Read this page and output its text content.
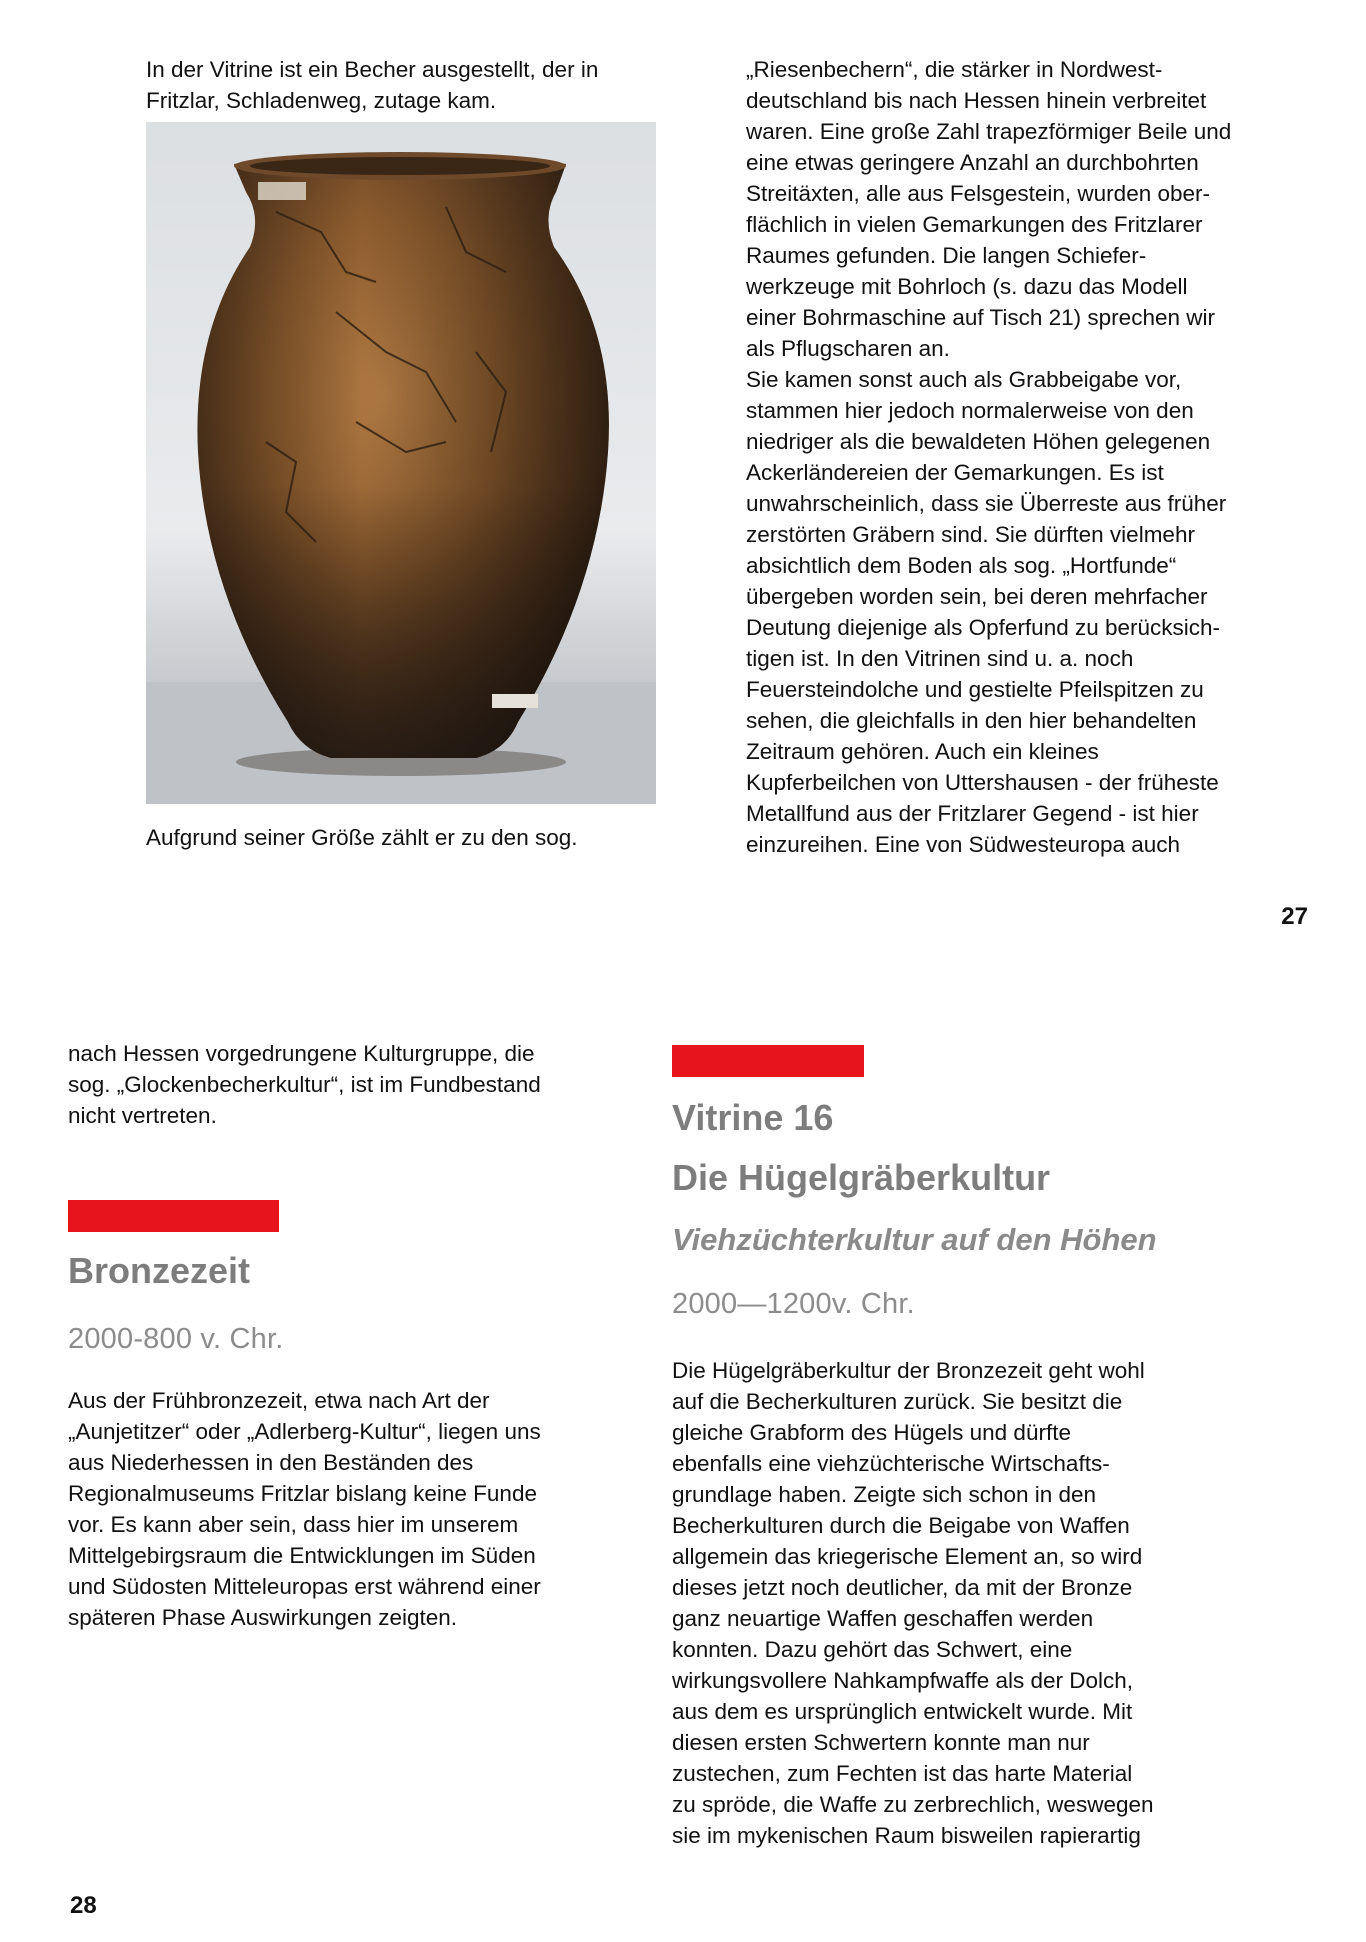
In der Vitrine ist ein Becher ausgestellt, der in
Fritzlar, Schladenweg, zutage kam.

Aufgrund seiner Größe zählt er zu den sog.

„Riesenbechern“, die stärker in Nordwest-
deutschland bis nach Hessen hinein verbreitet
waren. Eine große Zahl trapezförmiger Beile und
eine etwas geringere Anzahl an durchbohrten
Streitäxten, alle aus Felsgestein, wurden ober-
flächlich in vielen Gemarkungen des Fritzlarer
Raumes gefunden. Die langen Schiefer-
werkzeuge mit Bohrloch (s. dazu das Modell
einer Bohrmaschine auf Tisch 21) sprechen wir
als Pflugscharen an.
Sie kamen sonst auch als Grabbeigabe vor,
stammen hier jedoch normalerweise von den
niedriger als die bewaldeten Höhen gelegenen
Ackerländereien der Gemarkungen. Es ist
unwahrscheinlich, dass sie Überreste aus früher
zerstörten Gräbern sind. Sie dürften vielmehr
absichtlich dem Boden als sog. „Hortfunde“
übergeben worden sein, bei deren mehrfacher
Deutung diejenige als Opferfund zu berücksich-
tigen ist. In den Vitrinen sind u. a. noch
Feuersteindolche und gestielte Pfeilspitzen zu
sehen, die gleichfalls in den hier behandelten
Zeitraum gehören. Auch ein kleines
Kupferbeilchen von Uttershausen - der früheste
Metallfund aus der Fritzlarer Gegend - ist hier
einzureihen. Eine von Südwesteuropa auch
27
nach Hessen vorgedrungene Kulturgruppe, die
sog. „Glockenbecherkultur“, ist im Fundbestand
nicht vertreten.
Bronzezeit

2000-800 v. Chr.

Aus der Frühbronzezeit, etwa nach Art der
„Aunjetitzer“ oder „Adlerberg-Kultur“, liegen uns
aus Niederhessen in den Beständen des
Regionalmuseums Fritzlar bislang keine Funde
vor. Es kann aber sein, dass hier im unserem
Mittelgebirgsraum die Entwicklungen im Süden
und Südosten Mitteleuropas erst während einer
späteren Phase Auswirkungen zeigten.
Vitrine 16
Die Hügelgräberkultur

Viehzüchterkultur auf den Höhen

2000—1200v. Chr.

Die Hügelgräberkultur der Bronzezeit geht wohl
auf die Becherkulturen zurück. Sie besitzt die
gleiche Grabform des Hügels und dürfte
ebenfalls eine viehzüchterische Wirtschafts-
grundlage haben. Zeigte sich schon in den
Becherkulturen durch die Beigabe von Waffen
allgemein das kriegerische Element an, so wird
dieses jetzt noch deutlicher, da mit der Bronze
ganz neuartige Waffen geschaffen werden
konnten. Dazu gehört das Schwert, eine
wirkungsvollere Nahkampfwaffe als der Dolch,
aus dem es ursprünglich entwickelt wurde. Mit
diesen ersten Schwertern konnte man nur
zustechen, zum Fechten ist das harte Material
zu spröde, die Waffe zu zerbrechlich, weswegen
sie im mykenischen Raum bisweilen rapierartig
28
